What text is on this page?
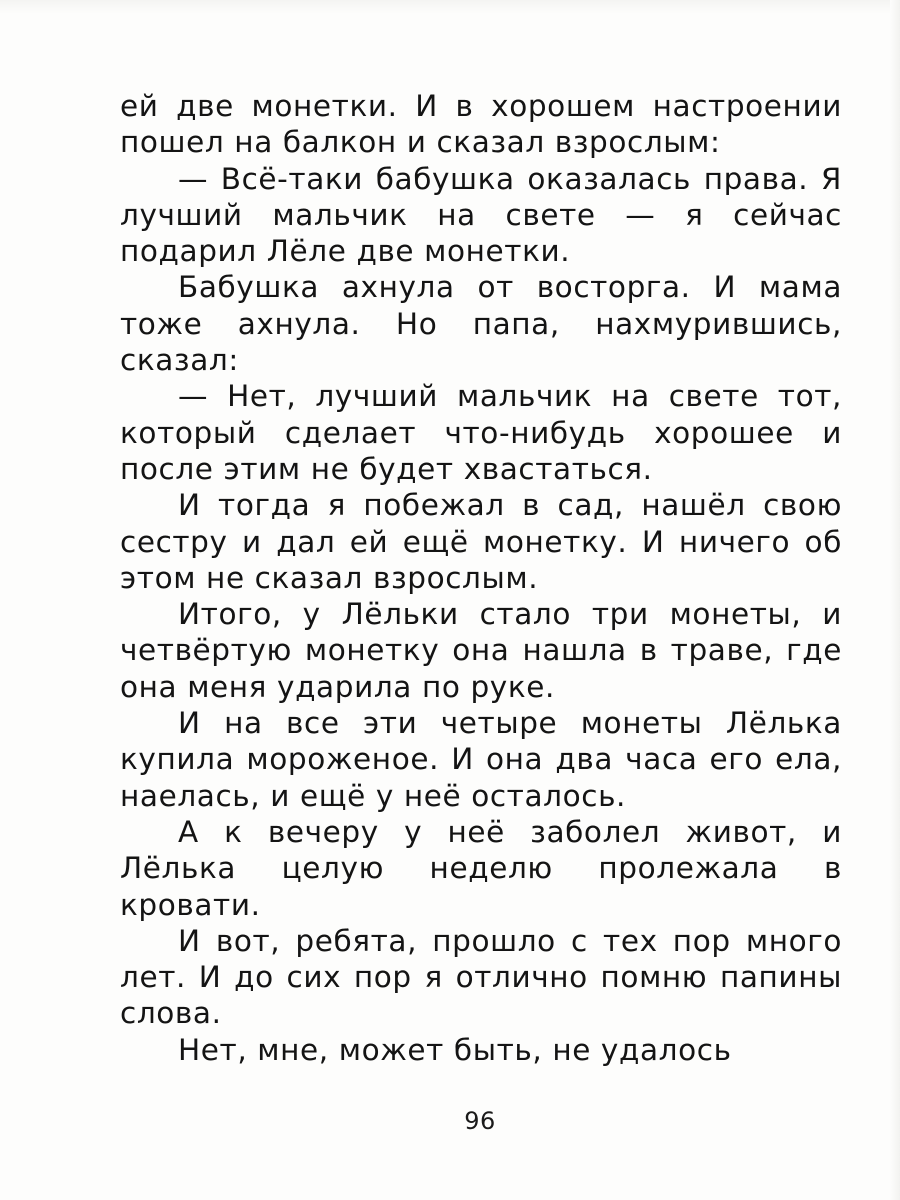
ей две монетки. И в хорошем настроении пошел на балкон и сказал взрослым:

— Всё-таки бабушка оказалась права. Я лучший мальчик на свете — я сейчас подарил Лёле две монетки.

Бабушка ахнула от восторга. И мама тоже ахнула. Но папа, нахмурившись, сказал:

— Нет, лучший мальчик на свете тот, который сделает что-нибудь хорошее и после этим не будет хвастаться.

И тогда я побежал в сад, нашёл свою сестру и дал ей ещё монетку. И ничего об этом не сказал взрослым.

Итого, у Лёльки стало три монеты, и четвёртую монетку она нашла в траве, где она меня ударила по руке.

И на все эти четыре монеты Лёлька купила мороженое. И она два часа его ела, наелась, и ещё у неё осталось.

А к вечеру у неё заболел живот, и Лёлька целую неделю пролежала в кровати.

И вот, ребята, прошло с тех пор много лет. И до сих пор я отлично помню папины слова.

Нет, мне, может быть, не удалось

96
